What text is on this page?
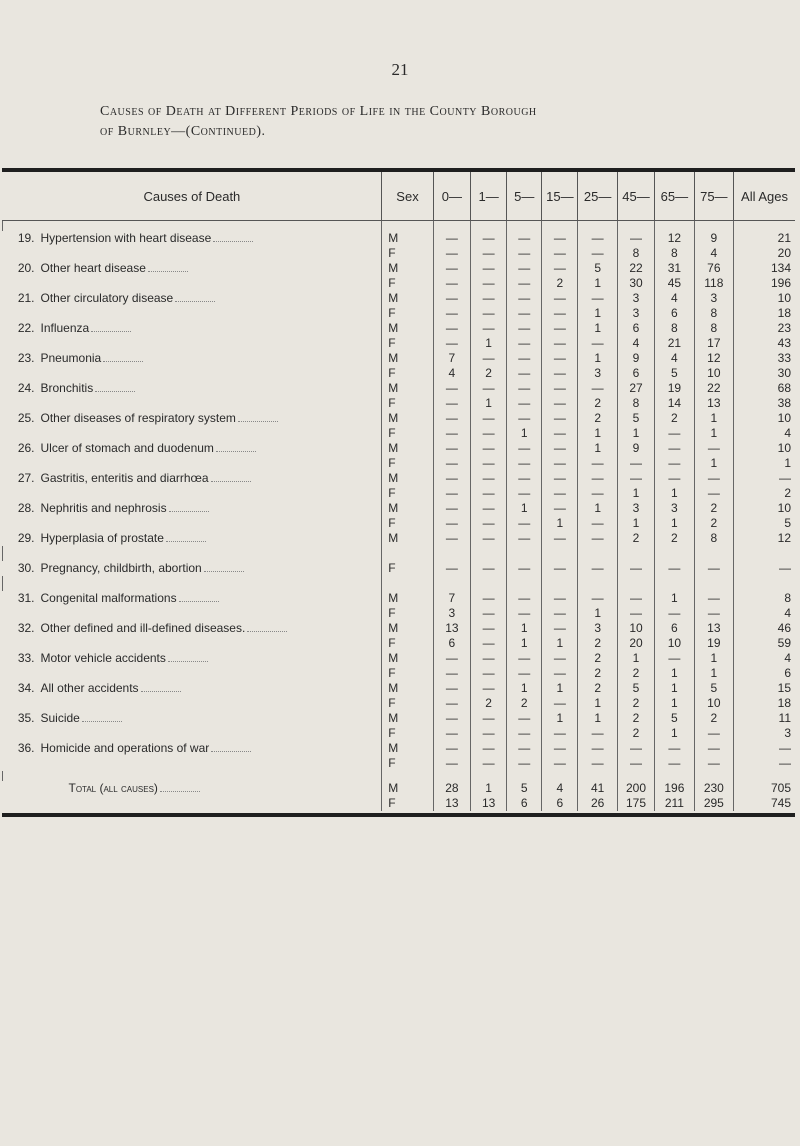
21
Causes of Death at Different Periods of Life in the County Borough
of Burnley—(Continued).
Causes of Death	Sex	0—	1—	5—	15—	25—	45—	65—	75—	All Ages

19. Hypertension with heart disease	M	—	—	—	—	—	—	12	9	21
	F	—	—	—	—	—	8	8	4	20
20. Other heart disease	M	—	—	—	—	5	22	31	76	134
	F	—	—	—	2	1	30	45	118	196
21. Other circulatory disease	M	—	—	—	—	—	3	4	3	10
	F	—	—	—	—	1	3	6	8	18
22. Influenza	M	—	—	—	—	1	6	8	8	23
	F	—	1	—	—	—	4	21	17	43
23. Pneumonia	M	7	—	—	—	1	9	4	12	33
	F	4	2	—	—	3	6	5	10	30
24. Bronchitis	M	—	—	—	—	—	27	19	22	68
	F	—	1	—	—	2	8	14	13	38
25. Other diseases of respiratory system	M	—	—	—	—	2	5	2	1	10
	F	—	—	1	—	1	1	—	1	4
26. Ulcer of stomach and duodenum	M	—	—	—	—	1	9	—	—	10
	F	—	—	—	—	—	—	—	1	1
27. Gastritis, enteritis and diarrhœa	M	—	—	—	—	—	—	—	—	—
	F	—	—	—	—	—	1	1	—	2
28. Nephritis and nephrosis	M	—	—	1	—	1	3	3	2	10
	F	—	—	—	1	—	1	1	2	5
29. Hyperplasia of prostate	M	—	—	—	—	—	2	2	8	12

30. Pregnancy, childbirth, abortion	F	—	—	—	—	—	—	—	—	—

31. Congenital malformations	M	7	—	—	—	—	—	1	—	8
	F	3	—	—	—	1	—	—	—	4
32. Other defined and ill-defined diseases.	M	13	—	1	—	3	10	6	13	46
	F	6	—	1	1	2	20	10	19	59
33. Motor vehicle accidents	M	—	—	—	—	2	1	—	1	4
	F	—	—	—	—	2	2	1	1	6
34. All other accidents	M	—	—	1	1	2	5	1	5	15
	F	—	2	2	—	1	2	1	10	18
35. Suicide	M	—	—	—	1	1	2	5	2	11
	F	—	—	—	—	—	2	1	—	3
36. Homicide and operations of war	M	—	—	—	—	—	—	—	—	—
	F	—	—	—	—	—	—	—	—	—

Total (all causes)	M	28	1	5	4	41	200	196	230	705
	F	13	13	6	6	26	175	211	295	745
